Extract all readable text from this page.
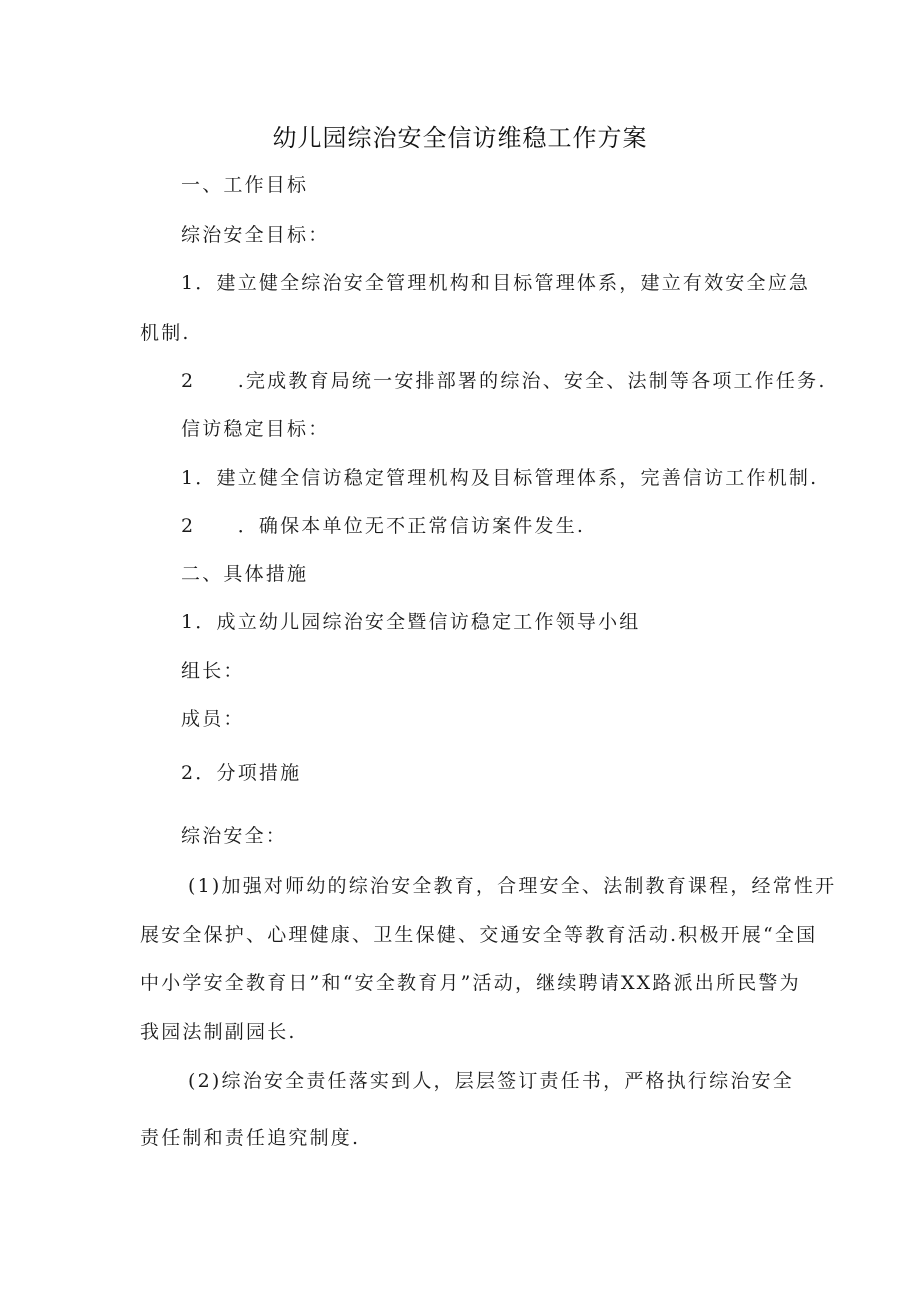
幼儿园综治安全信访维稳工作方案
一、工作目标
综治安全目标：
1．建立健全综治安全管理机构和目标管理体系，建立有效安全应急
机制.
2　　.完成教育局统一安排部署的综治、安全、法制等各项工作任务.
信访稳定目标：
1．建立健全信访稳定管理机构及目标管理体系，完善信访工作机制.
2　　．确保本单位无不正常信访案件发生.
二、具体措施
1．成立幼儿园综治安全暨信访稳定工作领导小组
组长：
成员：
2．分项措施
综治安全：
(1)加强对师幼的综治安全教育，合理安全、法制教育课程，经常性开
展安全保护、心理健康、卫生保健、交通安全等教育活动.积极开展“全国
中小学安全教育日”和“安全教育月”活动，继续聘请XX路派出所民警为
我园法制副园长.
(2)综治安全责任落实到人，层层签订责任书，严格执行综治安全
责任制和责任追究制度.
